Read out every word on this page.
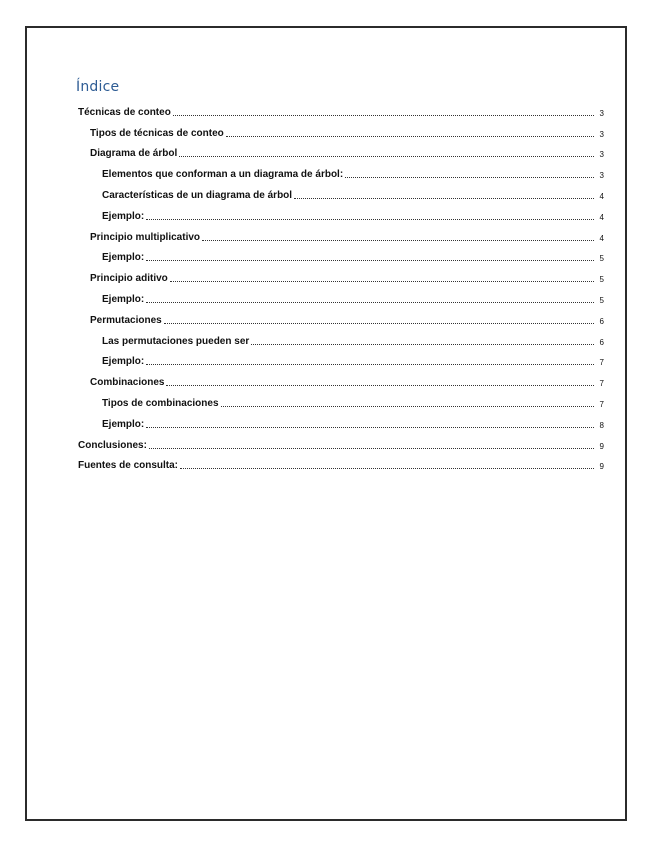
Índice
Técnicas de conteo	3
Tipos de técnicas de conteo	3
Diagrama de árbol	3
Elementos que conforman a un diagrama de árbol:	3
Características de un diagrama de árbol	4
Ejemplo:	4
Principio multiplicativo	4
Ejemplo:	5
Principio aditivo	5
Ejemplo:	5
Permutaciones	6
Las permutaciones pueden ser	6
Ejemplo:	7
Combinaciones	7
Tipos de combinaciones	7
Ejemplo:	8
Conclusiones:	9
Fuentes de consulta:	9
